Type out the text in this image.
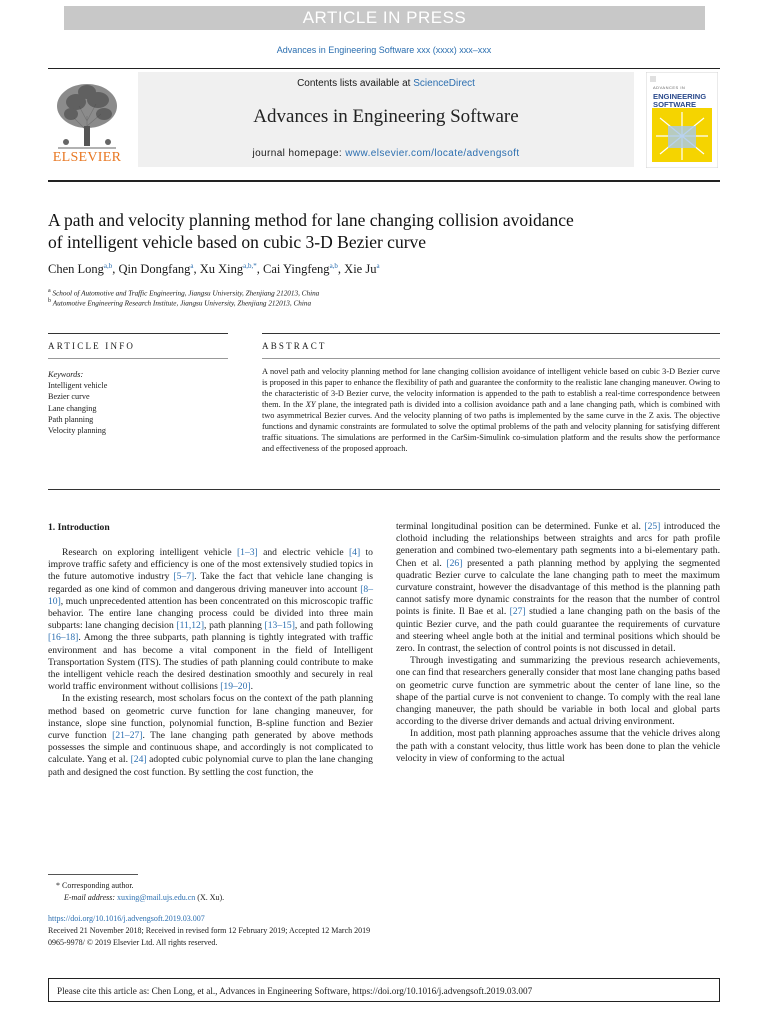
ARTICLE IN PRESS
Advances in Engineering Software xxx (xxxx) xxx–xxx
ELSEVIER
Contents lists available at ScienceDirect
Advances in Engineering Software
journal homepage: www.elsevier.com/locate/advengsoft
ADVANCES IN
ENGINEERING
SOFTWARE
A path and velocity planning method for lane changing collision avoidance
of intelligent vehicle based on cubic 3-D Bezier curve
Chen Long$^{a,b}$, Qin Dongfang$^a$, Xu Xing$^{a,b,*}$, Cai Yingfeng$^{a,b}$, Xie Ju$^a$
$^a$ School of Automotive and Traffic Engineering, Jiangsu University, Zhenjiang 212013, China
$^b$ Automotive Engineering Research Institute, Jiangsu University, Zhenjiang 212013, China
ARTICLE INFO	ABSTRACT
Keywords:
Intelligent vehicle
Bezier curve
Lane changing
Path planning
Velocity planning
A novel path and velocity planning method for lane changing collision avoidance of intelligent vehicle based on cubic 3-D Bezier curve is proposed in this paper to enhance the flexibility of path and guarantee the conformity to the realistic lane changing maneuver. Owing to the characteristic of 3-D Bezier curve, the velocity information is appended to the path to establish a real-time correspondence between them. In the XY plane, the integrated path is divided into a collision avoidance path and a lane changing path, which is combined with two asymmetrical Bezier curves. And the velocity planning of two paths is implemented by the same curve in the Z axis. The objective functions and dynamic constraints are formulated to solve the optimal problems of the path and velocity planning for satisfying different traffic situations. The simulations are performed in the CarSim-Simulink co-simulation platform and the results show the performance and effectiveness of the proposed approach.
1. Introduction

Research on exploring intelligent vehicle [1–3] and electric vehicle [4] to improve traffic safety and efficiency is one of the most extensively studied topics in the future automotive industry [5–7]. Take the fact that vehicle lane changing is regarded as one kind of common and dangerous driving maneuver into account [8–10], much unprecedented attention has been concentrated on this microscopic traffic behavior. The entire lane changing process could be divided into three main subparts: lane changing decision [11,12], path planning [13–15], and path following [16–18]. Among the three subparts, path planning is tightly integrated with traffic environment and has become a vital component in the field of Intelligent Transportation System (ITS). The studies of path planning could contribute to make the intelligent vehicle reach the desired destination smoothly and securely in real world traffic environment without collisions [19–20].

In the existing research, most scholars focus on the context of the path planning method based on geometric curve function for lane changing maneuver, for instance, slope sine function, polynomial function, B-spline function and Bezier curve function [21–27]. The lane changing path generated by above methods possesses the simple and continuous shape, and accordingly is not complicated to calculate. Yang et al. [24] adopted cubic polynomial curve to plan the lane changing path and designed the cost function. By settling the cost function, the

terminal longitudinal position can be determined. Funke et al. [25] introduced the clothoid including the relationships between straights and arcs for path profile generation and combined two-elementary path segments into a bi-elementary path. Chen et al. [26] presented a path planning method by applying the segmented quadratic Bezier curve to calculate the lane changing path to meet the maximum curvature constraint, however the disadvantage of this method is the planning path cannot satisfy more dynamic constraints for the reason that the number of control points is finite. Il Bae et al. [27] studied a lane changing path on the basis of the quintic Bezier curve, and the path could guarantee the requirements of curvature and steering wheel angle both at the initial and terminal positions which should be zero. In contrast, the selection of control points is not discussed in detail.

Through investigating and summarizing the previous research achievements, one can find that researchers generally consider that most lane changing paths based on geometric curve function are symmetric about the center of lane line, so the shape of the partial curve is not convenient to change. To comply with the real lane changing maneuver, the path should be variable in both local and global parts according to the diverse driver demands and actual driving environment.

In addition, most path planning approaches assume that the vehicle drives along the path with a constant velocity, thus little work has been done to plan the vehicle velocity in view of conforming to the actual

* Corresponding author.
E-mail address: xuxing@mail.ujs.edu.cn (X. Xu).
https://doi.org/10.1016/j.advengsoft.2019.03.007
Received 21 November 2018; Received in revised form 12 February 2019; Accepted 12 March 2019
0965-9978/ © 2019 Elsevier Ltd. All rights reserved.
Please cite this article as: Chen Long, et al., Advances in Engineering Software, https://doi.org/10.1016/j.advengsoft.2019.03.007
